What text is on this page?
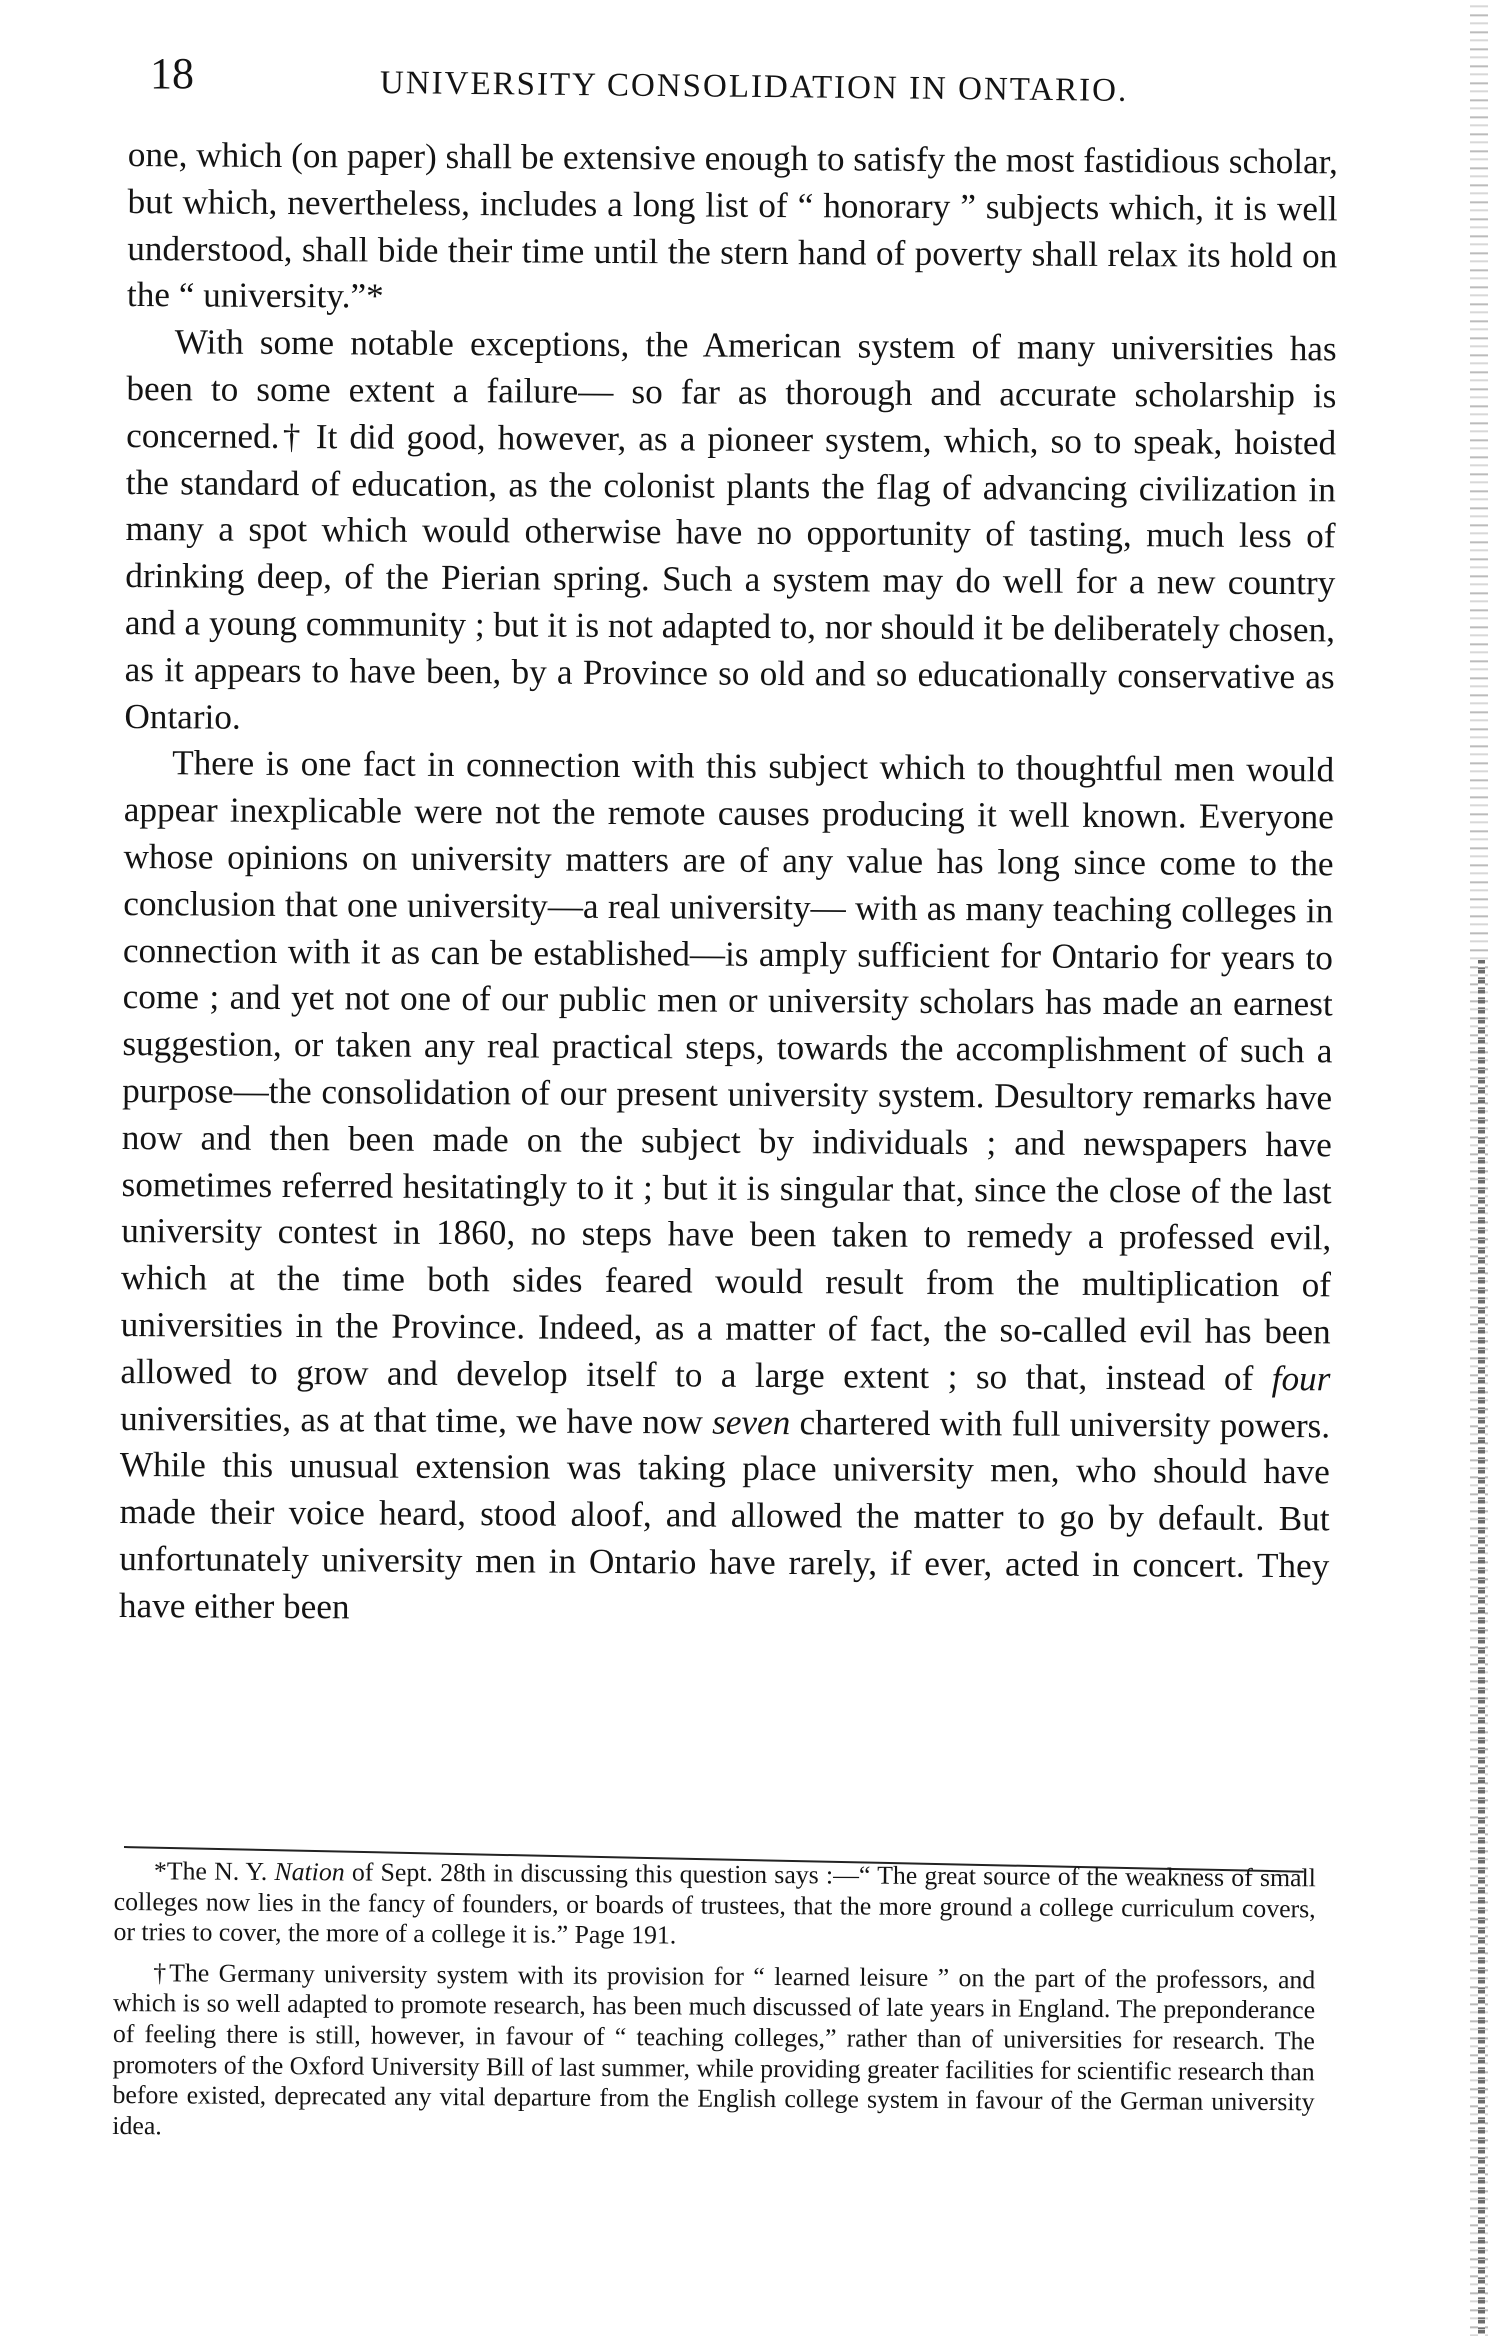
18	UNIVERSITY CONSOLIDATION IN ONTARIO.

one, which (on paper) shall be extensive enough to satisfy the most fastidious scholar, but which, nevertheless, includes a long list of “ honorary ” subjects which, it is well understood, shall bide their time until the stern hand of poverty shall relax its hold on the “ university.”*

With some notable exceptions, the American system of many universities has been to some extent a failure— so far as thorough and accurate scholarship is concerned.† It did good, however, as a pioneer system, which, so to speak, hoisted the standard of education, as the colonist plants the flag of advancing civilization in many a spot which would otherwise have no opportunity of tasting, much less of drinking deep, of the Pierian spring. Such a system may do well for a new country and a young community ; but it is not adapted to, nor should it be deliberately chosen, as it appears to have been, by a Province so old and so educationally conservative as Ontario.

There is one fact in connection with this subject which to thoughtful men would appear inexplicable were not the remote causes producing it well known. Everyone whose opinions on university matters are of any value has long since come to the conclusion that one university—a real university— with as many teaching colleges in connection with it as can be established—is amply sufficient for Ontario for years to come ; and yet not one of our public men or university scholars has made an earnest suggestion, or taken any real practical steps, towards the accomplishment of such a purpose—the consolidation of our present university system. Desultory remarks have now and then been made on the subject by individuals ; and newspapers have sometimes referred hesitatingly to it ; but it is singular that, since the close of the last university contest in 1860, no steps have been taken to remedy a professed evil, which at the time both sides feared would result from the multiplication of universities in the Province. Indeed, as a matter of fact, the so-called evil has been allowed to grow and develop itself to a large extent ; so that, instead of four universities, as at that time, we have now seven chartered with full university powers. While this unusual extension was taking place university men, who should have made their voice heard, stood aloof, and allowed the matter to go by default. But unfortunately university men in Ontario have rarely, if ever, acted in concert. They have either been

*The N. Y. Nation of Sept. 28th in discussing this question says :—“ The great source of the weakness of small colleges now lies in the fancy of founders, or boards of trustees, that the more ground a college curriculum covers, or tries to cover, the more of a college it is.” Page 191.

†The Germany university system with its provision for “ learned leisure ” on the part of the professors, and which is so well adapted to promote research, has been much discussed of late years in England. The preponderance of feeling there is still, however, in favour of “ teaching colleges,” rather than of universities for research. The promoters of the Oxford University Bill of last summer, while providing greater facilities for scientific research than before existed, deprecated any vital departure from the English college system in favour of the German university idea.
